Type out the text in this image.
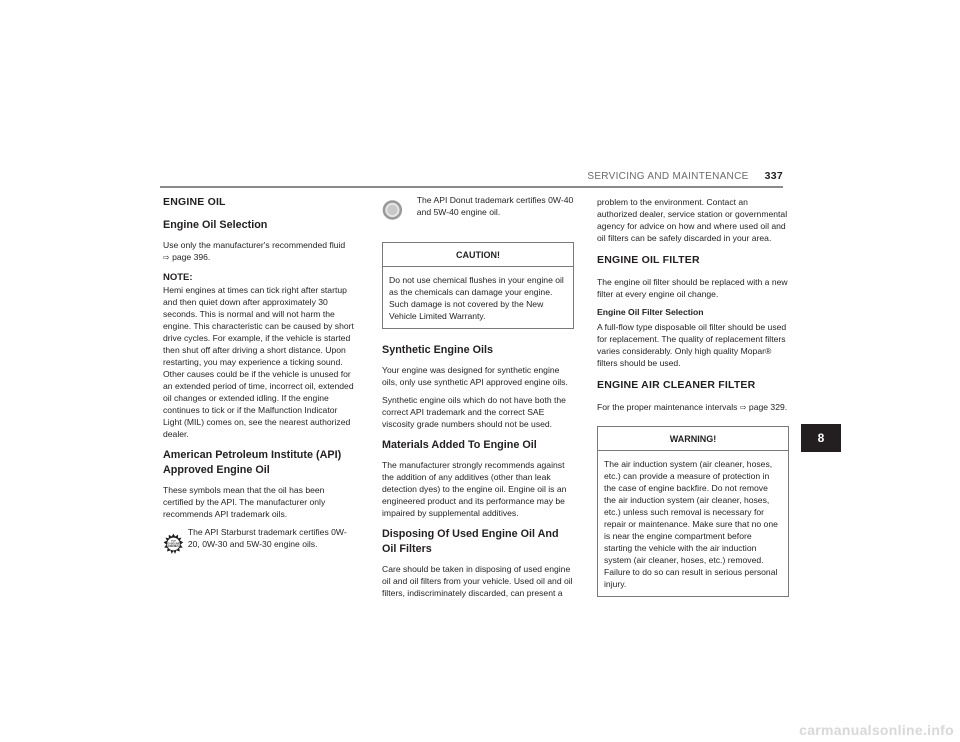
SERVICING AND MAINTENANCE 337
ENGINE OIL
Engine Oil Selection

Use only the manufacturer's recommended fluid
⇨ page 396.

NOTE:

Hemi engines at times can tick right after startup and then quiet down after approximately 30 seconds. This is normal and will not harm the engine. This characteristic can be caused by short drive cycles. For example, if the vehicle is started then shut off after driving a short distance. Upon restarting, you may experience a ticking sound. Other causes could be if the vehicle is unused for an extended period of time, incorrect oil, extended oil changes or extended idling. If the engine continues to tick or if the Malfunction Indicator Light (MIL) comes on, see the nearest authorized dealer.

American Petroleum Institute (API) Approved Engine Oil

These symbols mean that the oil has been certified by the API. The manufacturer only recommends API trademark oils.

FOR GASOLINE ENGINES
The API Starburst trademark certifies 0W-20, 0W-30 and 5W-30 engine oils.
The API Donut trademark certifies 0W-40 and 5W-40 engine oil.
CAUTION!
Do not use chemical flushes in your engine oil as the chemicals can damage your engine. Such damage is not covered by the New Vehicle Limited Warranty.
Synthetic Engine Oils

Your engine was designed for synthetic engine oils, only use synthetic API approved engine oils.

Synthetic engine oils which do not have both the correct API trademark and the correct SAE viscosity grade numbers should not be used.

Materials Added To Engine Oil

The manufacturer strongly recommends against the addition of any additives (other than leak detection dyes) to the engine oil. Engine oil is an engineered product and its performance may be impaired by supplemental additives.

Disposing Of Used Engine Oil And Oil Filters

Care should be taken in disposing of used engine oil and oil filters from your vehicle. Used oil and oil filters, indiscriminately discarded, can present a

problem to the environment. Contact an authorized dealer, service station or governmental agency for advice on how and where used oil and oil filters can be safely discarded in your area.

ENGINE OIL FILTER

The engine oil filter should be replaced with a new filter at every engine oil change.

Engine Oil Filter Selection

A full-flow type disposable oil filter should be used for replacement. The quality of replacement filters varies considerably. Only high quality Mopar® filters should be used.

ENGINE AIR CLEANER FILTER

For the proper maintenance intervals ⇨ page 329.

WARNING!
The air induction system (air cleaner, hoses, etc.) can provide a measure of protection in the case of engine backfire. Do not remove the air induction system (air cleaner, hoses, etc.) unless such removal is necessary for repair or maintenance. Make sure that no one is near the engine compartment before starting the vehicle with the air induction system (air cleaner, hoses, etc.) removed. Failure to do so can result in serious personal injury.
8
carmanualsonline.info
